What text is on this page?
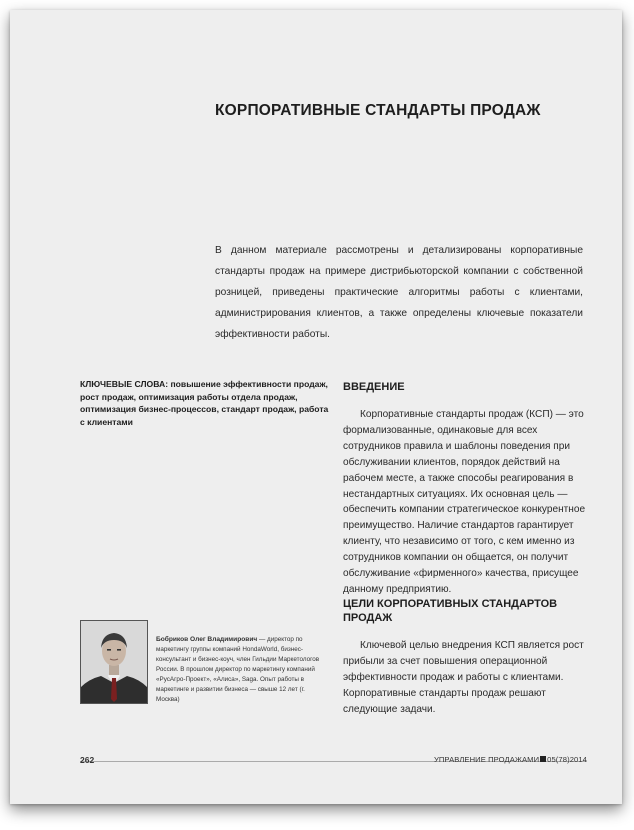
КОРПОРАТИВНЫЕ СТАНДАРТЫ ПРОДАЖ

В данном материале рассмотрены и детализированы корпоративные стандарты продаж на примере дистрибьюторской компании с собственной розницей, приведены практические алгоритмы работы с клиентами, администрирования клиентов, а также определены ключевые показатели эффективности работы.

КЛЮЧЕВЫЕ СЛОВА: повышение эффективности продаж, рост продаж, оптимизация работы отдела продаж, оптимизация бизнес-процессов, стандарт продаж, работа с клиентами
ВВЕДЕНИЕ

Корпоративные стандарты продаж (КСП) — это формализованные, одинаковые для всех сотрудников правила и шаблоны поведения при обслуживании клиентов, порядок действий на рабочем месте, а также способы реагирования в нестандартных ситуациях. Их основная цель — обеспечить компании стратегическое конкурентное преимущество. Наличие стандартов гарантирует клиенту, что независимо от того, с кем именно из сотрудников компании он общается, он получит обслуживание «фирменного» качества, присущее данному предприятию.

ЦЕЛИ КОРПОРАТИВНЫХ СТАНДАРТОВ ПРОДАЖ

Ключевой целью внедрения КСП является рост прибыли за счет повышения операционной эффективности продаж и работы с клиентами. Корпоративные стандарты продаж решают следующие задачи.

Бобриков Олег Владимирович — директор по маркетингу группы компаний HondaWorld, бизнес-консультант и бизнес-коуч, член Гильдии Маркетологов России. В прошлом директор по маркетингу компаний «РусАгро-Проект», «Алиса», Saga. Опыт работы в маркетинге и развитии бизнеса — свыше 12 лет (г. Москва)
262	УПРАВЛЕНИЕ ПРОДАЖАМИ 05(78)2014
